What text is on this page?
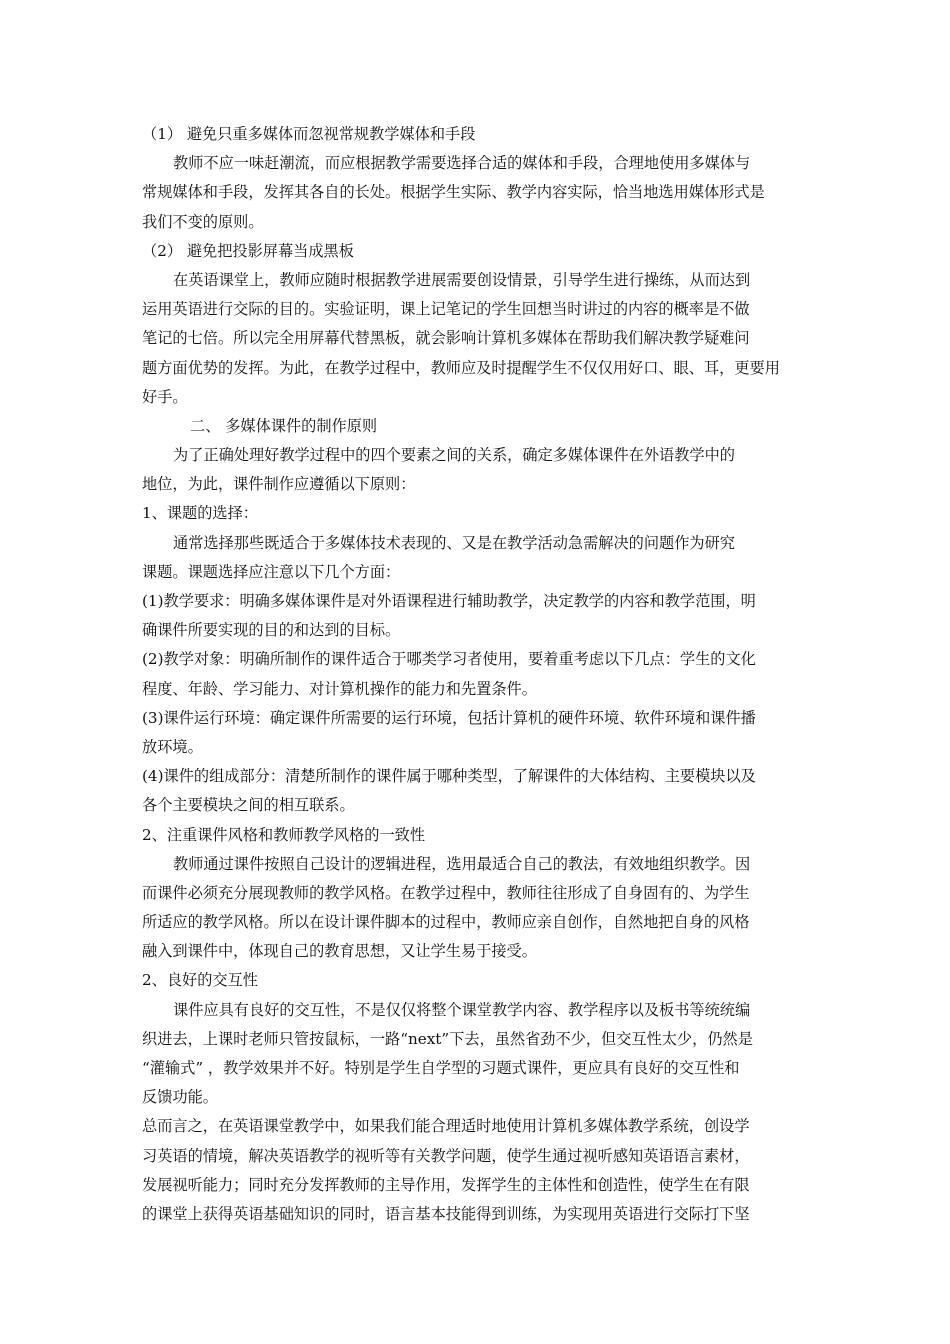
（1） 避免只重多媒体而忽视常规教学媒体和手段

教师不应一味赶潮流，而应根据教学需要选择合适的媒体和手段，合理地使用多媒体与

常规媒体和手段，发挥其各自的长处。根据学生实际、教学内容实际，恰当地选用媒体形式是

我们不变的原则。

（2） 避免把投影屏幕当成黑板

在英语课堂上，教师应随时根据教学进展需要创设情景，引导学生进行操练，从而达到

运用英语进行交际的目的。实验证明，课上记笔记的学生回想当时讲过的内容的概率是不做

笔记的七倍。所以完全用屏幕代替黑板，就会影响计算机多媒体在帮助我们解决教学疑难问

题方面优势的发挥。为此，在教学过程中，教师应及时提醒学生不仅仅用好口、眼、耳，更要用

好手。

二、 多媒体课件的制作原则

为了正确处理好教学过程中的四个要素之间的关系，确定多媒体课件在外语教学中的

地位，为此，课件制作应遵循以下原则：

1、课题的选择：

通常选择那些既适合于多媒体技术表现的、又是在教学活动急需解决的问题作为研究

课题。课题选择应注意以下几个方面：

(1)教学要求：明确多媒体课件是对外语课程进行辅助教学，决定教学的内容和教学范围，明

确课件所要实现的目的和达到的目标。

(2)教学对象：明确所制作的课件适合于哪类学习者使用，要着重考虑以下几点：学生的文化

程度、年龄、学习能力、对计算机操作的能力和先置条件。

(3)课件运行环境：确定课件所需要的运行环境，包括计算机的硬件环境、软件环境和课件播

放环境。

(4)课件的组成部分：清楚所制作的课件属于哪种类型，了解课件的大体结构、主要模块以及

各个主要模块之间的相互联系。

2、注重课件风格和教师教学风格的一致性

教师通过课件按照自己设计的逻辑进程，选用最适合自己的教法，有效地组织教学。因

而课件必须充分展现教师的教学风格。在教学过程中，教师往往形成了自身固有的、为学生

所适应的教学风格。所以在设计课件脚本的过程中，教师应亲自创作，自然地把自身的风格

融入到课件中，体现自己的教育思想，又让学生易于接受。

2、良好的交互性

课件应具有良好的交互性，不是仅仅将整个课堂教学内容、教学程序以及板书等统统编

织进去，上课时老师只管按鼠标，一路“next”下去，虽然省劲不少，但交互性太少，仍然是

“灌输式” ，教学效果并不好。特别是学生自学型的习题式课件，更应具有良好的交互性和

反馈功能。

总而言之，在英语课堂教学中，如果我们能合理适时地使用计算机多媒体教学系统，创设学

习英语的情境，解决英语教学的视听等有关教学问题，使学生通过视听感知英语语言素材，

发展视听能力；同时充分发挥教师的主导作用，发挥学生的主体性和创造性，使学生在有限

的课堂上获得英语基础知识的同时，语言基本技能得到训练，为实现用英语进行交际打下坚
